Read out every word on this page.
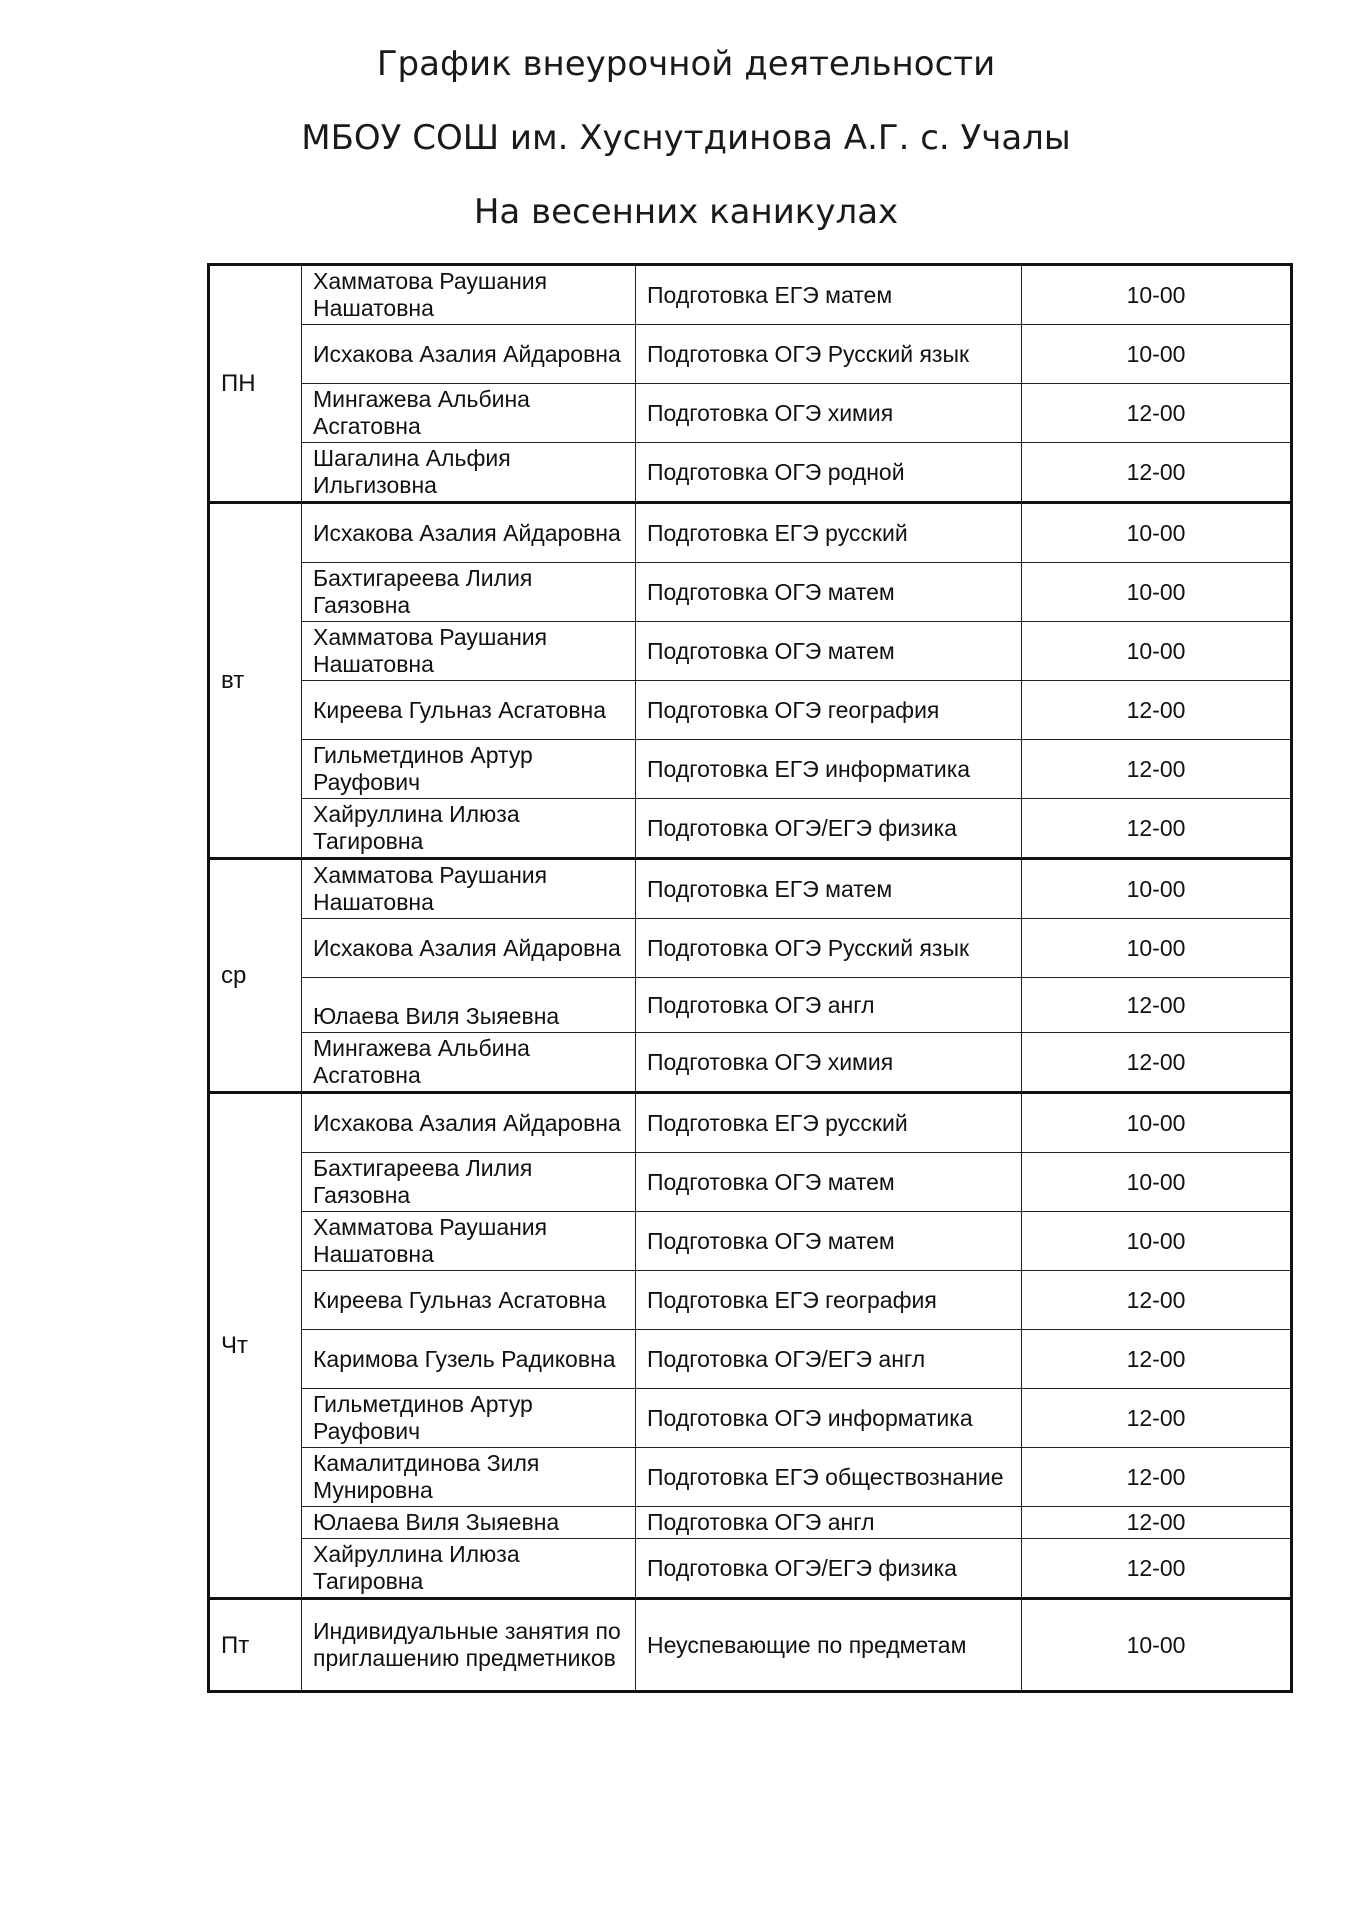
График внеурочной деятельности
МБОУ СОШ им. Хуснутдинова А.Г. с. Учалы
На весенних каникулах
ПН	Хамматова Раушания Нашатовна	Подготовка ЕГЭ матем	10-00
	Исхакова Азалия Айдаровна	Подготовка ОГЭ Русский язык	10-00
	Мингажева Альбина Асгатовна	Подготовка ОГЭ химия	12-00
	Шагалина Альфия Ильгизовна	Подготовка ОГЭ родной	12-00
вт	Исхакова Азалия Айдаровна	Подготовка ЕГЭ русский	10-00
	Бахтигареева Лилия Гаязовна	Подготовка ОГЭ матем	10-00
	Хамматова Раушания Нашатовна	Подготовка ОГЭ матем	10-00
	Киреева Гульназ Асгатовна	Подготовка ОГЭ география	12-00
	Гильметдинов Артур Рауфович	Подготовка ЕГЭ информатика	12-00
	Хайруллина Илюза Тагировна	Подготовка ОГЭ/ЕГЭ физика	12-00
ср	Хамматова Раушания Нашатовна	Подготовка ЕГЭ матем	10-00
	Исхакова Азалия Айдаровна	Подготовка ОГЭ Русский язык	10-00
	Юлаева Виля Зыяевна	Подготовка ОГЭ англ	12-00
	Мингажева Альбина Асгатовна	Подготовка ОГЭ химия	12-00
Чт	Исхакова Азалия Айдаровна	Подготовка ЕГЭ русский	10-00
	Бахтигареева Лилия Гаязовна	Подготовка ОГЭ матем	10-00
	Хамматова Раушания Нашатовна	Подготовка ОГЭ матем	10-00
	Киреева Гульназ Асгатовна	Подготовка ЕГЭ география	12-00
	Каримова Гузель Радиковна	Подготовка ОГЭ/ЕГЭ англ	12-00
	Гильметдинов Артур Рауфович	Подготовка ОГЭ информатика	12-00
	Камалитдинова Зиля Мунировна	Подготовка ЕГЭ обществознание	12-00
	Юлаева Виля Зыяевна	Подготовка ОГЭ англ	12-00
	Хайруллина Илюза Тагировна	Подготовка ОГЭ/ЕГЭ физика	12-00
Пт	Индивидуальные занятия по приглашению предметников	Неуспевающие по предметам	10-00
